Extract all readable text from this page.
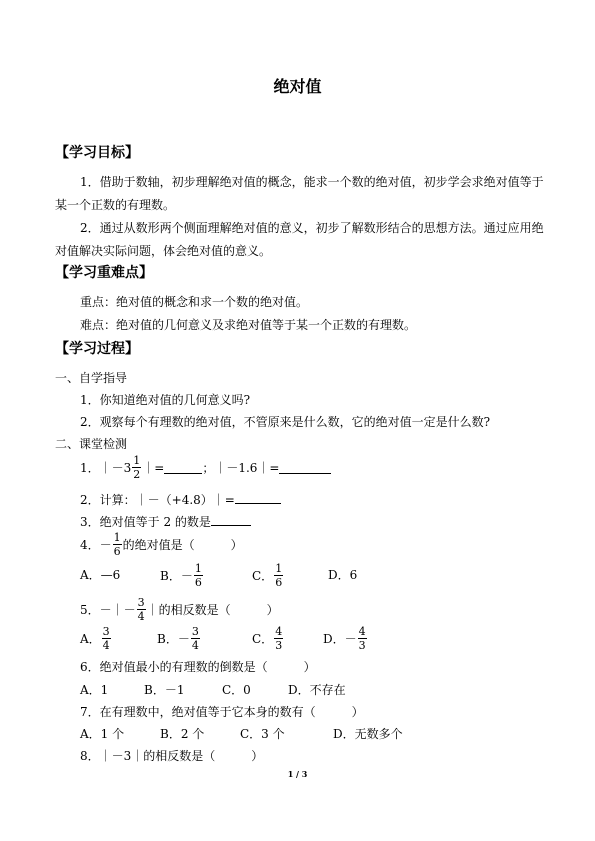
绝对值
【学习目标】
1．借助于数轴，初步理解绝对值的概念，能求一个数的绝对值，初步学会求绝对值等于
某一个正数的有理数。
2．通过从数形两个侧面理解绝对值的意义，初步了解数形结合的思想方法。通过应用绝
对值解决实际问题，体会绝对值的意义。
【学习重难点】
重点：绝对值的概念和求一个数的绝对值。
难点：绝对值的几何意义及求绝对值等于某一个正数的有理数。
【学习过程】
一、自学指导
1．你知道绝对值的几何意义吗?
2．观察每个有理数的绝对值，不管原来是什么数，它的绝对值一定是什么数?
二、课堂检测
1．｜－3 $\frac{1}{2}$ ｜=	；｜－1.6｜=
2．计算：｜－（+4.8）｜=
3．绝对值等于 2 的数是
4．－ $\frac{1}{6}$ 的绝对值是（　　　）
A．—6	B．－ $\frac{1}{6}$	C． $\frac{1}{6}$	D．6
5．－｜－ $\frac{3}{4}$ ｜的相反数是（　　　）
A． $\frac{3}{4}$	B．－ $\frac{3}{4}$	C． $\frac{4}{3}$	D．－ $\frac{4}{3}$
6．绝对值最小的有理数的倒数是（　　　）
A．1	B．－1	C．0	D．不存在
7．在有理数中，绝对值等于它本身的数有（　　　）
A．1 个	B．2 个	C．3 个	D．无数多个
8．｜－3｜的相反数是（　　　）
1 / 3
